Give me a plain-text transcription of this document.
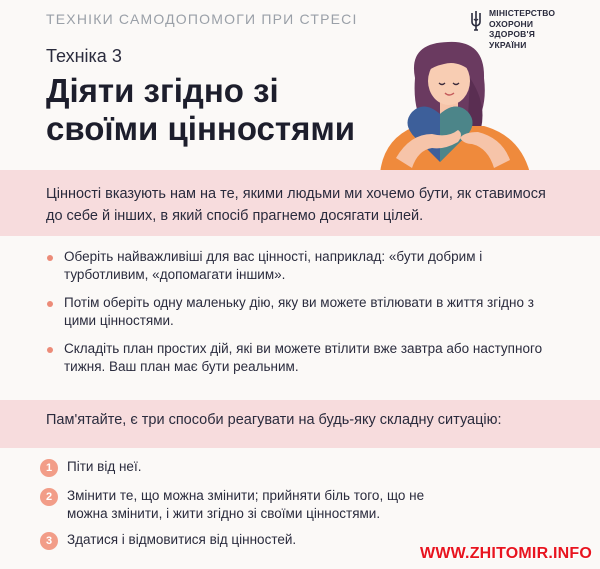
ТЕХНІКИ САМОДОПОМОГИ ПРИ СТРЕСІ	МІНІСТЕРСТВО
ОХОРОНИ
ЗДОРОВ'Я
УКРАЇНИ
Техніка 3
Діяти згідно зі своїми цінностями
Цінності вказують нам на те, якими людьми ми хочемо бути, як ставимося до себе й інших, в який спосіб прагнемо досягати цілей.
Оберіть найважливіші для вас цінності, наприклад: «бути добрим і турботливим, «допомагати іншим».
Потім оберіть одну маленьку дію, яку ви можете втілювати в життя згідно з цими цінностями.
Складіть план простих дій, які ви можете втілити вже завтра або наступного тижня. Ваш план має бути реальним.
Пам'ятайте, є три способи реагувати на будь-яку складну ситуацію:
1	Піти від неї.
2	Змінити те, що можна змінити; прийняти біль того, що не можна змінити, і жити згідно зі своїми цінностями.
3	Здатися і відмовитися від цінностей.
WWW.ZHITOMIR.INFO
